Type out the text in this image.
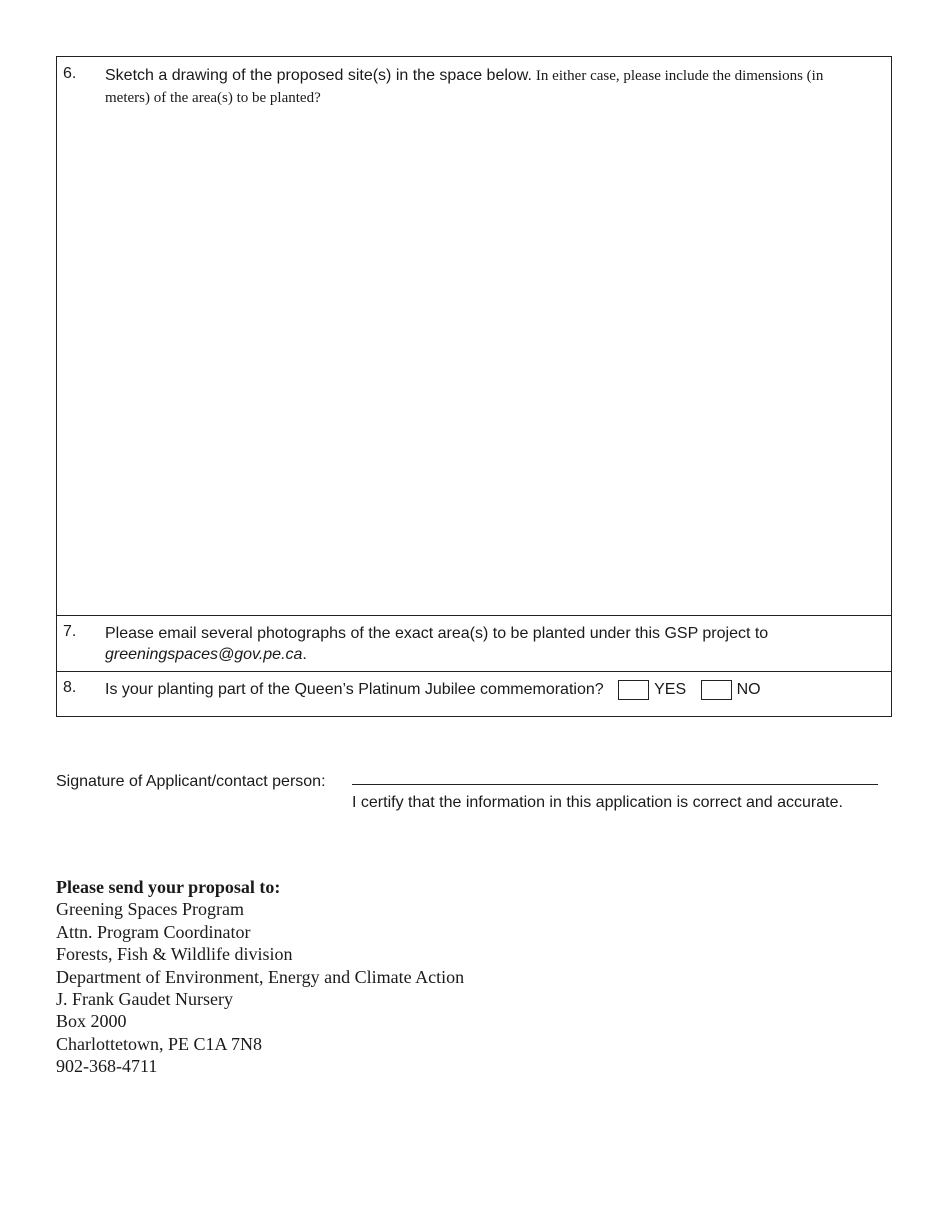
6. Sketch a drawing of the proposed site(s) in the space below. In either case, please include the dimensions (in meters) of the area(s) to be planted?
7. Please email several photographs of the exact area(s) to be planted under this GSP project to
greeningspaces@gov.pe.ca.
8. Is your planting part of the Queen’s Platinum Jubilee commemoration?	YES
	NO
Signature of Applicant/contact person:
I certify that the information in this application is correct and accurate.
Please send your proposal to:
Greening Spaces Program
Attn. Program Coordinator
Forests, Fish & Wildlife division
Department of Environment, Energy and Climate Action
J. Frank Gaudet Nursery
Box 2000
Charlottetown, PE C1A 7N8
902-368-4711
